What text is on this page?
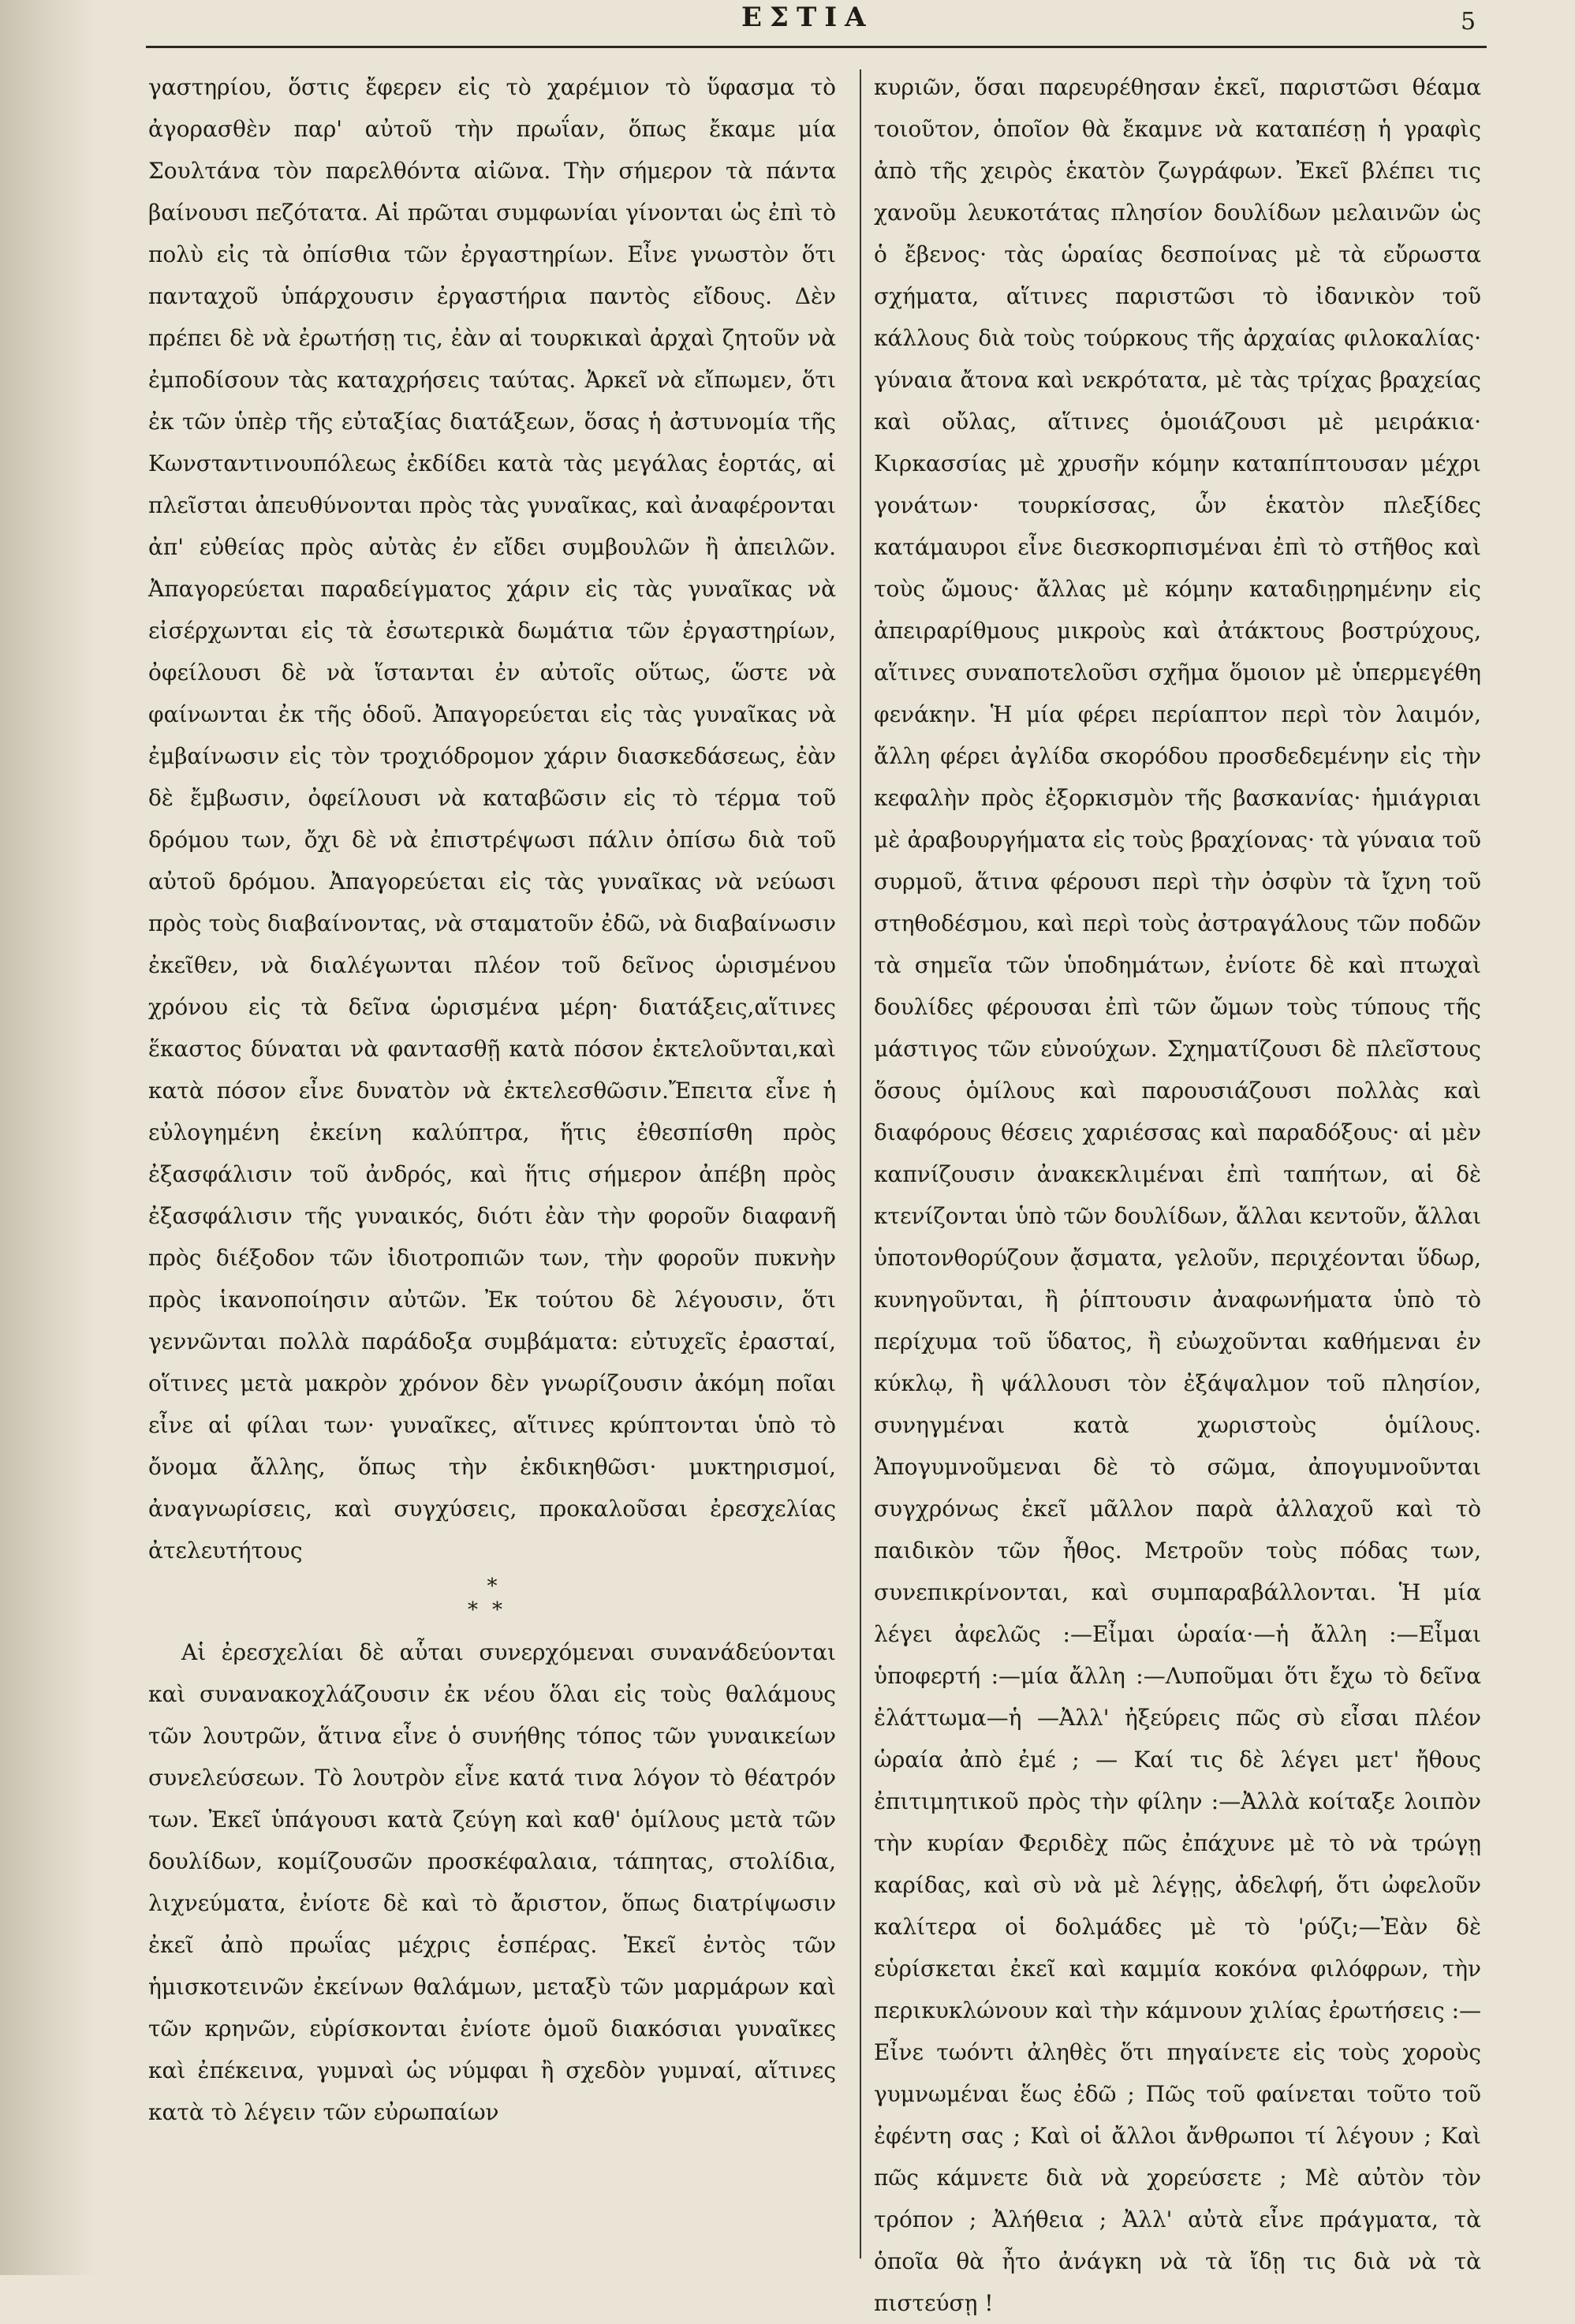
ΕΣΤΙΑ	5

γαστηρίου, ὅστις ἔφερεν εἰς τὸ χαρέμιον τὸ ὕφασμα τὸ ἀγορασθὲν παρ' αὐτοῦ τὴν πρωΐαν, ὅπως ἔκαμε μία Σουλτάνα τὸν παρελθόντα αἰῶνα. Τὴν σήμερον τὰ πάντα βαίνουσι πεζότατα. Αἱ πρῶται συμφωνίαι γίνονται ὡς ἐπὶ τὸ πολὺ εἰς τὰ ὀπίσθια τῶν ἐργαστηρίων. Εἶνε γνωστὸν ὅτι πανταχοῦ ὑπάρχουσιν ἐργαστήρια παντὸς εἴδους. Δὲν πρέπει δὲ νὰ ἐρωτήσῃ τις, ἐὰν αἱ τουρκικαὶ ἀρχαὶ ζητοῦν νὰ ἐμποδίσουν τὰς καταχρήσεις ταύτας. Ἀρκεῖ νὰ εἴπωμεν, ὅτι ἐκ τῶν ὑπὲρ τῆς εὐταξίας διατάξεων, ὅσας ἡ ἀστυνομία τῆς Κωνσταντινουπόλεως ἐκδίδει κατὰ τὰς μεγάλας ἑορτάς, αἱ πλεῖσται ἀπευθύνονται πρὸς τὰς γυναῖκας, καὶ ἀναφέρονται ἀπ' εὐθείας πρὸς αὐτὰς ἐν εἴδει συμβουλῶν ἢ ἀπειλῶν. Ἀπαγορεύεται παραδείγματος χάριν εἰς τὰς γυναῖκας νὰ εἰσέρχωνται εἰς τὰ ἐσωτερικὰ δωμάτια τῶν ἐργαστηρίων, ὀφείλουσι δὲ νὰ ἵστανται ἐν αὐτοῖς οὕτως, ὥστε νὰ φαίνωνται ἐκ τῆς ὁδοῦ. Ἀπαγορεύεται εἰς τὰς γυναῖκας νὰ ἐμβαίνωσιν εἰς τὸν τροχιόδρομον χάριν διασκεδάσεως, ἐὰν δὲ ἔμβωσιν, ὀφείλουσι νὰ καταβῶσιν εἰς τὸ τέρμα τοῦ δρόμου των, ὄχι δὲ νὰ ἐπιστρέψωσι πάλιν ὀπίσω διὰ τοῦ αὐτοῦ δρόμου. Ἀπαγορεύεται εἰς τὰς γυναῖκας νὰ νεύωσι πρὸς τοὺς διαβαίνοντας, νὰ σταματοῦν ἐδῶ, νὰ διαβαίνωσιν ἐκεῖθεν, νὰ διαλέγωνται πλέον τοῦ δεῖνος ὡρισμένου χρόνου εἰς τὰ δεῖνα ὡρισμένα μέρη· διατάξεις,αἵτινες ἕκαστος δύναται νὰ φαντασθῇ κατὰ πόσον ἐκτελοῦνται,καὶ κατὰ πόσον εἶνε δυνατὸν νὰ ἐκτελεσθῶσιν.Ἔπειτα εἶνε ἡ εὐλογημένη ἐκείνη καλύπτρα, ἥτις ἐθεσπίσθη πρὸς ἐξασφάλισιν τοῦ ἀνδρός, καὶ ἥτις σήμερον ἀπέβη πρὸς ἐξασφάλισιν τῆς γυναικός, διότι ἐὰν τὴν φοροῦν διαφανῆ πρὸς διέξοδον τῶν ἰδιοτροπιῶν των, τὴν φοροῦν πυκνὴν πρὸς ἱκανοποίησιν αὐτῶν. Ἐκ τούτου δὲ λέγουσιν, ὅτι γεννῶνται πολλὰ παράδοξα συμβάματα: εὐτυχεῖς ἐρασταί, οἵτινες μετὰ μακρὸν χρόνον δὲν γνωρίζουσιν ἀκόμη ποῖαι εἶνε αἱ φίλαι των· γυναῖκες, αἵτινες κρύπτονται ὑπὸ τὸ ὄνομα ἄλλης, ὅπως τὴν ἐκδικηθῶσι· μυκτηρισμοί, ἀναγνωρίσεις, καὶ συγχύσεις, προκαλοῦσαι ἐρεσχελίας ἀτελευτήτους

*
**

Αἱ ἐρεσχελίαι δὲ αὗται συνερχόμεναι συνανάδεύονται καὶ συνανακοχλάζουσιν ἐκ νέου ὅλαι εἰς τοὺς θαλάμους τῶν λουτρῶν, ἅτινα εἶνε ὁ συνήθης τόπος τῶν γυναικείων συνελεύσεων. Τὸ λουτρὸν εἶνε κατά τινα λόγον τὸ θέατρόν των. Ἐκεῖ ὑπάγουσι κατὰ ζεύγη καὶ καθ' ὁμίλους μετὰ τῶν δουλίδων, κομίζουσῶν προσκέφαλαια, τάπητας, στολίδια, λιχνεύματα, ἐνίοτε δὲ καὶ τὸ ἄριστον, ὅπως διατρίψωσιν ἐκεῖ ἀπὸ πρωΐας μέχρις ἑσπέρας. Ἐκεῖ ἐντὸς τῶν ἡμισκοτεινῶν ἐκείνων θαλάμων, μεταξὺ τῶν μαρμάρων καὶ τῶν κρηνῶν, εὑρίσκονται ἐνίοτε ὁμοῦ διακόσιαι γυναῖκες καὶ ἐπέκεινα, γυμναὶ ὡς νύμφαι ἢ σχεδὸν γυμναί, αἵτινες κατὰ τὸ λέγειν τῶν εὐρωπαίων

κυριῶν, ὅσαι παρευρέθησαν ἐκεῖ, παριστῶσι θέαμα τοιοῦτον, ὁποῖον θὰ ἔκαμνε νὰ καταπέσῃ ἡ γραφὶς ἀπὸ τῆς χειρὸς ἑκατὸν ζωγράφων. Ἐκεῖ βλέπει τις χανοῦμ λευκοτάτας πλησίον δουλίδων μελαινῶν ὡς ὁ ἔβενος· τὰς ὡραίας δεσποίνας μὲ τὰ εὔρωστα σχήματα, αἵτινες παριστῶσι τὸ ἰδανικὸν τοῦ κάλλους διὰ τοὺς τούρκους τῆς ἀρχαίας φιλοκαλίας· γύναια ἄτονα καὶ νεκρότατα, μὲ τὰς τρίχας βραχείας καὶ οὔλας, αἵτινες ὁμοιάζουσι μὲ μειράκια· Κιρκασσίας μὲ χρυσῆν κόμην καταπίπτουσαν μέχρι γονάτων· τουρκίσσας, ὧν ἑκατὸν πλεξίδες κατάμαυροι εἶνε διεσκορπισμέναι ἐπὶ τὸ στῆθος καὶ τοὺς ὤμους· ἄλλας μὲ κόμην καταδιῃρημένην εἰς ἀπειραρίθμους μικροὺς καὶ ἀτάκτους βοστρύχους, αἵτινες συναποτελοῦσι σχῆμα ὅμοιον μὲ ὑπερμεγέθη φενάκην. Ἡ μία φέρει περίαπτον περὶ τὸν λαιμόν, ἄλλη φέρει ἀγλίδα σκορόδου προσδεδεμένην εἰς τὴν κεφαλὴν πρὸς ἐξορκισμὸν τῆς βασκανίας· ἡμιάγριαι μὲ ἀραβουργήματα εἰς τοὺς βραχίονας· τὰ γύναια τοῦ συρμοῦ, ἅτινα φέρουσι περὶ τὴν ὀσφὺν τὰ ἴχνη τοῦ στηθοδέσμου, καὶ περὶ τοὺς ἀστραγάλους τῶν ποδῶν τὰ σημεῖα τῶν ὑποδημάτων, ἐνίοτε δὲ καὶ πτωχαὶ δουλίδες φέρουσαι ἐπὶ τῶν ὤμων τοὺς τύπους τῆς μάστιγος τῶν εὐνούχων. Σχηματίζουσι δὲ πλεῖστους ὅσους ὁμίλους καὶ παρουσιάζουσι πολλὰς καὶ διαφόρους θέσεις χαριέσσας καὶ παραδόξους· αἱ μὲν καπνίζουσιν ἀνακεκλιμέναι ἐπὶ ταπήτων, αἱ δὲ κτενίζονται ὑπὸ τῶν δουλίδων, ἄλλαι κεντοῦν, ἄλλαι ὑποτονθορύζουν ᾄσματα, γελοῦν, περιχέονται ὕδωρ, κυνηγοῦνται, ἢ ῥίπτουσιν ἀναφωνήματα ὑπὸ τὸ περίχυμα τοῦ ὕδατος, ἢ εὐωχοῦνται καθήμεναι ἐν κύκλῳ, ἢ ψάλλουσι τὸν ἐξάψαλμον τοῦ πλησίον, συνηγμέναι κατὰ χωριστοὺς ὁμίλους. Ἀπογυμνοῦμεναι δὲ τὸ σῶμα, ἀπογυμνοῦνται συγχρόνως ἐκεῖ μᾶλλον παρὰ ἀλλαχοῦ καὶ τὸ παιδικὸν τῶν ἦθος. Μετροῦν τοὺς πόδας των, συνεπικρίνονται, καὶ συμπαραβάλλονται. Ἡ μία λέγει ἀφελῶς :—Εἶμαι ὡραία·—ἡ ἄλλη :—Εἶμαι ὑποφερτή :—μία ἄλλη :—Λυποῦμαι ὅτι ἔχω τὸ δεῖνα ἐλάττωμα—ἡ —Ἀλλ' ἠξεύρεις πῶς σὺ εἶσαι πλέον ὡραία ἀπὸ ἐμέ ; — Καί τις δὲ λέγει μετ' ἤθους ἐπιτιμητικοῦ πρὸς τὴν φίλην :—Ἀλλὰ κοίταξε λοιπὸν τὴν κυρίαν Φεριδὲχ πῶς ἐπάχυνε μὲ τὸ νὰ τρώγῃ καρίδας, καὶ σὺ νὰ μὲ λέγῃς, ἀδελφή, ὅτι ὠφελοῦν καλίτερα οἱ δολμάδες μὲ τὸ 'ρύζι;—Ἐὰν δὲ εὑρίσκεται ἐκεῖ καὶ καμμία κοκόνα φιλόφρων, τὴν περικυκλώνουν καὶ τὴν κάμνουν χιλίας ἐρωτήσεις :—Εἶνε τωόντι ἀληθὲς ὅτι πηγαίνετε εἰς τοὺς χοροὺς γυμνωμέναι ἕως ἐδῶ ; Πῶς τοῦ φαίνεται τοῦτο τοῦ ἐφέντη σας ; Καὶ οἱ ἄλλοι ἄνθρωποι τί λέγουν ; Καὶ πῶς κάμνετε διὰ νὰ χορεύσετε ; Μὲ αὐτὸν τὸν τρόπον ; Ἀλήθεια ; Ἀλλ' αὐτὰ εἶνε πράγματα, τὰ ὁποῖα θὰ ἦτο ἀνάγκη νὰ τὰ ἴδῃ τις διὰ νὰ τὰ πιστεύσῃ !
